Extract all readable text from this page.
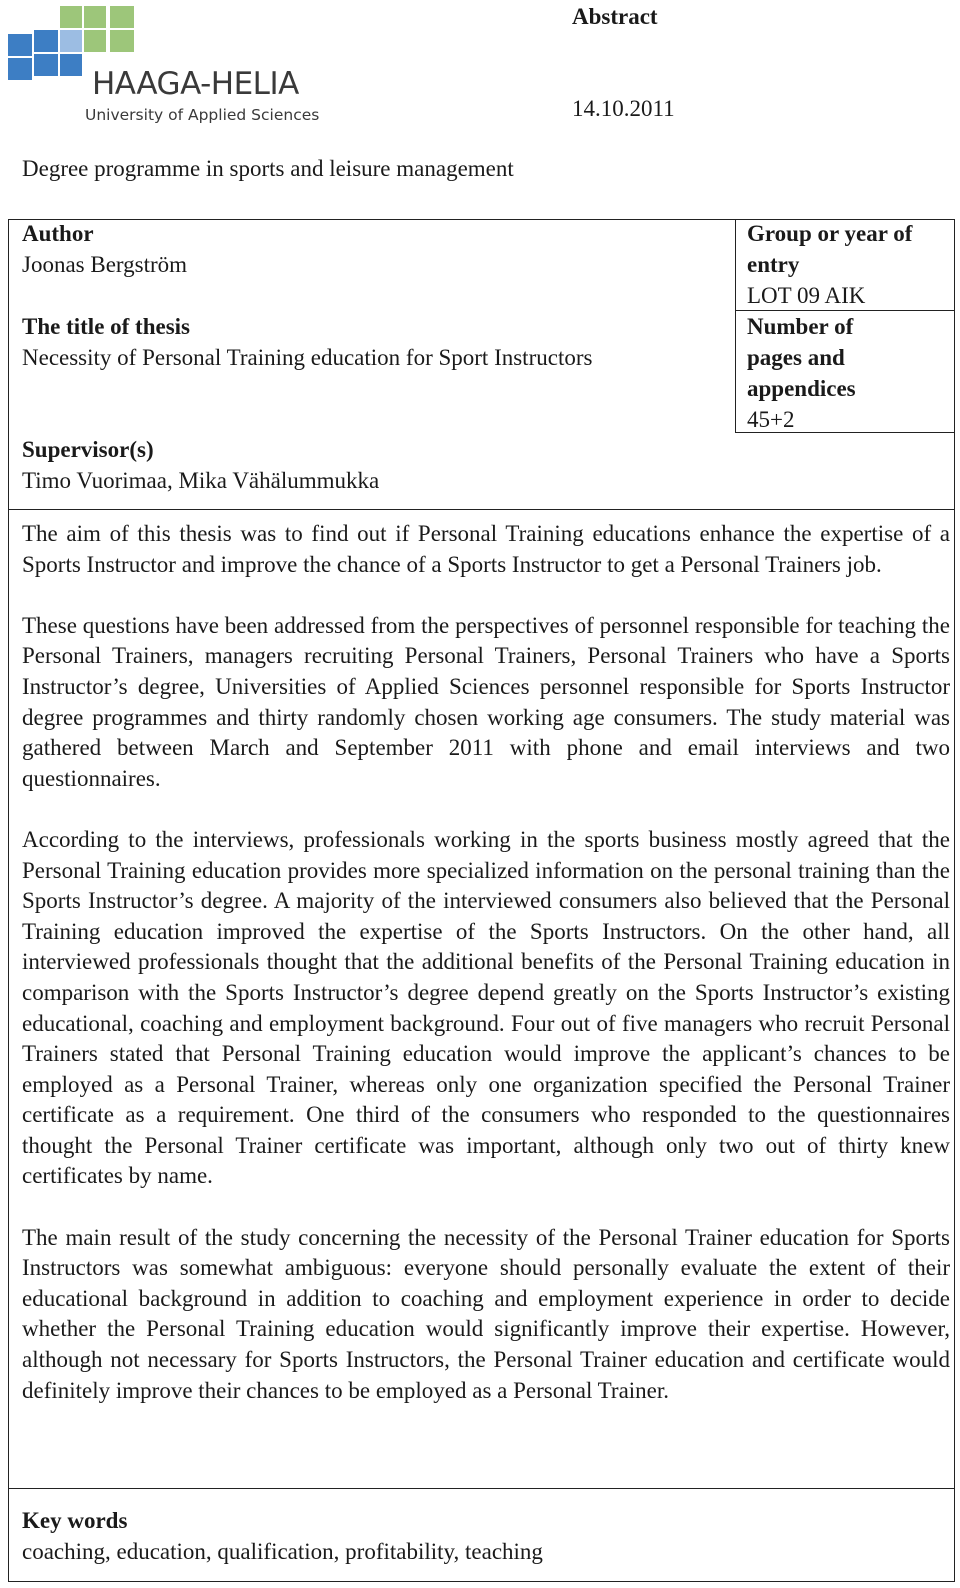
HAAGA-HELIA
University of Applied Sciences
Abstract
14.10.2011
Degree programme in sports and leisure management
Author
Joonas Bergström
Group or year of
entry
LOT 09 AIK
The title of thesis
Necessity of Personal Training education for Sport Instructors
Number of
pages and
appendices
45+2
Supervisor(s)
Timo Vuorimaa, Mika Vähälummukka

The aim of this thesis was to find out if Personal Training educations enhance the expertise of a Sports Instructor and improve the chance of a Sports Instructor to get a Personal Trainers job.

These questions have been addressed from the perspectives of personnel responsible for teaching the Personal Trainers, managers recruiting Personal Trainers, Personal Trainers who have a Sports Instructor’s degree, Universities of Applied Sciences personnel responsible for Sports Instructor degree programmes and thirty randomly chosen working age consumers. The study material was gathered between March and September 2011 with phone and email interviews and two questionnaires.

According to the interviews, professionals working in the sports business mostly agreed that the Personal Training education provides more specialized information on the personal training than the Sports Instructor’s degree. A majority of the interviewed consumers also believed that the Personal Training education improved the expertise of the Sports Instructors. On the other hand, all interviewed professionals thought that the additional benefits of the Personal Training education in comparison with the Sports Instructor’s degree depend greatly on the Sports Instructor’s existing educational, coaching and employment background. Four out of five managers who recruit Personal Trainers stated that Personal Training education would improve the applicant’s chances to be employed as a Personal Trainer, whereas only one organization specified the Personal Trainer certificate as a requirement. One third of the consumers who responded to the questionnaires thought the Personal Trainer certificate was important, although only two out of thirty knew certificates by name.

The main result of the study concerning the necessity of the Personal Trainer education for Sports Instructors was somewhat ambiguous: everyone should personally evaluate the extent of their educational background in addition to coaching and employment experience in order to decide whether the Personal Training education would significantly improve their expertise. However, although not necessary for Sports Instructors, the Personal Trainer education and certificate would definitely improve their chances to be employed as a Personal Trainer.

Key words
coaching, education, qualification, profitability, teaching
